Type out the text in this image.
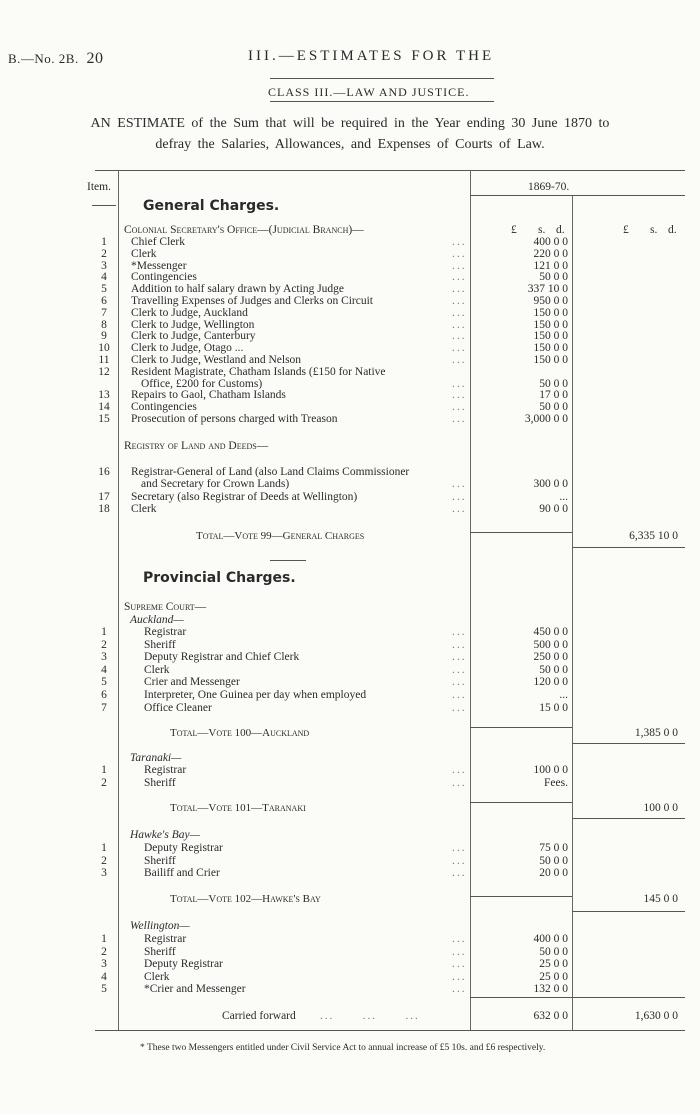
B.—No. 2B. 20	III.—ESTIMATES FOR THE
CLASS III.—LAW AND JUSTICE.
AN ESTIMATE of the Sum that will be required in the Year ending 30 June 1870 to
defray the Salaries, Allowances, and Expenses of Courts of Law.
Item.	1869-70.
General Charges.
£ s. d.	£ s. d.
Colonial Secretary's Office—(Judicial Branch)—
1	Chief Clerk	...	400 0 0
2	Clerk	...	220 0 0
3	*Messenger	...	121 0 0
4	Contingencies	...	50 0 0
5	Addition to half salary drawn by Acting Judge	...	337 10 0
6	Travelling Expenses of Judges and Clerks on Circuit	...	950 0 0
7	Clerk to Judge, Auckland	...	150 0 0
8	Clerk to Judge, Wellington	...	150 0 0
9	Clerk to Judge, Canterbury	...	150 0 0
10 Clerk to Judge, Otago ...	...	150 0 0
11 Clerk to Judge, Westland and Nelson	...	150 0 0
12 Resident Magistrate, Chatham Islands (£150 for Native
Office, £200 for Customs)	...	50 0 0
13 Repairs to Gaol, Chatham Islands	...	17 0 0
14 Contingencies	...	50 0 0
15 Prosecution of persons charged with Treason	...	3,000 0 0
Registry of Land and Deeds—
16 Registrar-General of Land (also Land Claims Commissioner
and Secretary for Crown Lands)	...	300 0 0
17 Secretary (also Registrar of Deeds at Wellington)	...	...
18 Clerk	...	90 0 0
Total—Vote 99—General Charges	6,335 10 0
Provincial Charges.
Supreme Court—
Auckland—
1	Registrar	...	450 0 0
2	Sheriff	...	500 0 0
3	Deputy Registrar and Chief Clerk	...	250 0 0
4	Clerk	...	50 0 0
5	Crier and Messenger	...	120 0 0
6	Interpreter, One Guinea per day when employed	...	...
7	Office Cleaner	...	15 0 0
Total—Vote 100—Auckland	1,385 0 0
Taranaki—
1	Registrar	...	100 0 0
2	Sheriff	...	Fees.
Total—Vote 101—Taranaki	100 0 0
Hawke's Bay—
1	Deputy Registrar	...	75 0 0
2	Sheriff	...	50 0 0
3	Bailiff and Crier	...	20 0 0
Total—Vote 102—Hawke's Bay	145 0 0
Wellington—
1	Registrar	...	400 0 0
2	Sheriff	...	50 0 0
3	Deputy Registrar	...	25 0 0
4	Clerk	...	25 0 0
5	*Crier and Messenger	...	132 0 0
Carried forward ...      ...      ...	632 0 0	1,630 0 0
* These two Messengers entitled under Civil Service Act to annual increase of £5 10s. and £6 respectively.
